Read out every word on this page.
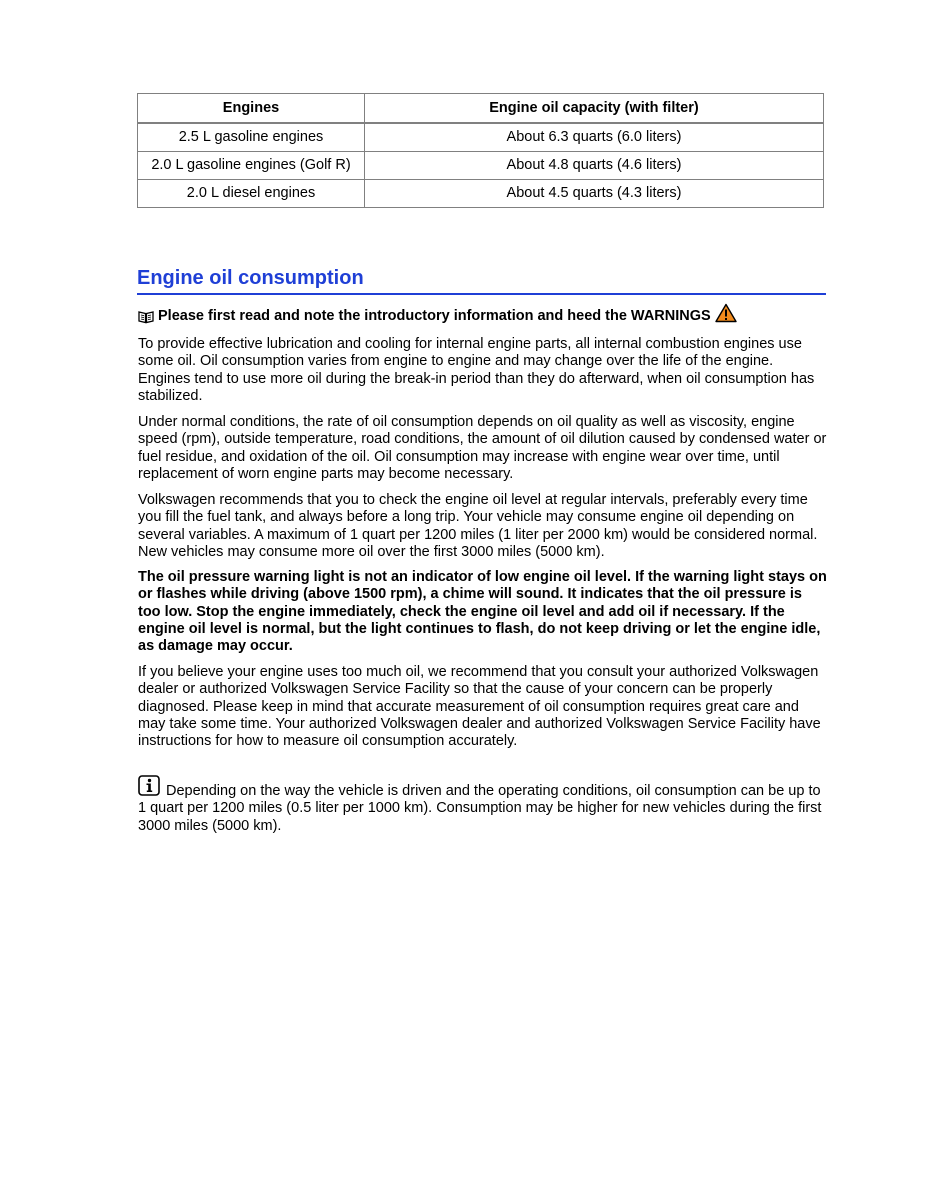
Engines	Engine oil capacity (with filter)
2.5 L gasoline engines	About 6.3 quarts (6.0 liters)
2.0 L gasoline engines (Golf R)	About 4.8 quarts (4.6 liters)
2.0 L diesel engines	About 4.5 quarts (4.3 liters)
Engine oil consumption
Please first read and note the introductory information and heed the WARNINGS

To provide effective lubrication and cooling for internal engine parts, all internal combustion engines use some oil. Oil consumption varies from engine to engine and may change over the life of the engine. Engines tend to use more oil during the break-in period than they do afterward, when oil consumption has stabilized.

Under normal conditions, the rate of oil consumption depends on oil quality as well as viscosity, engine speed (rpm), outside temperature, road conditions, the amount of oil dilution caused by condensed water or fuel residue, and oxidation of the oil. Oil consumption may increase with engine wear over time, until replacement of worn engine parts may become necessary.

Volkswagen recommends that you to check the engine oil level at regular intervals, preferably every time you fill the fuel tank, and always before a long trip. Your vehicle may consume engine oil depending on several variables. A maximum of 1 quart per 1200 miles (1 liter per 2000 km) would be considered normal. New vehicles may consume more oil over the first 3000 miles (5000 km).

The oil pressure warning light is not an indicator of low engine oil level. If the warning light stays on or flashes while driving (above 1500 rpm), a chime will sound. It indicates that the oil pressure is too low. Stop the engine immediately, check the engine oil level and add oil if necessary. If the engine oil level is normal, but the light continues to flash, do not keep driving or let the engine idle, as damage may occur.

If you believe your engine uses too much oil, we recommend that you consult your authorized Volkswagen dealer or authorized Volkswagen Service Facility so that the cause of your concern can be properly diagnosed. Please keep in mind that accurate measurement of oil consumption requires great care and may take some time. Your authorized Volkswagen dealer and authorized Volkswagen Service Facility have instructions for how to measure oil consumption accurately.

Depending on the way the vehicle is driven and the operating conditions, oil consumption can be up to 1 quart per 1200 miles (0.5 liter per 1000 km). Consumption may be higher for new vehicles during the first 3000 miles (5000 km).
